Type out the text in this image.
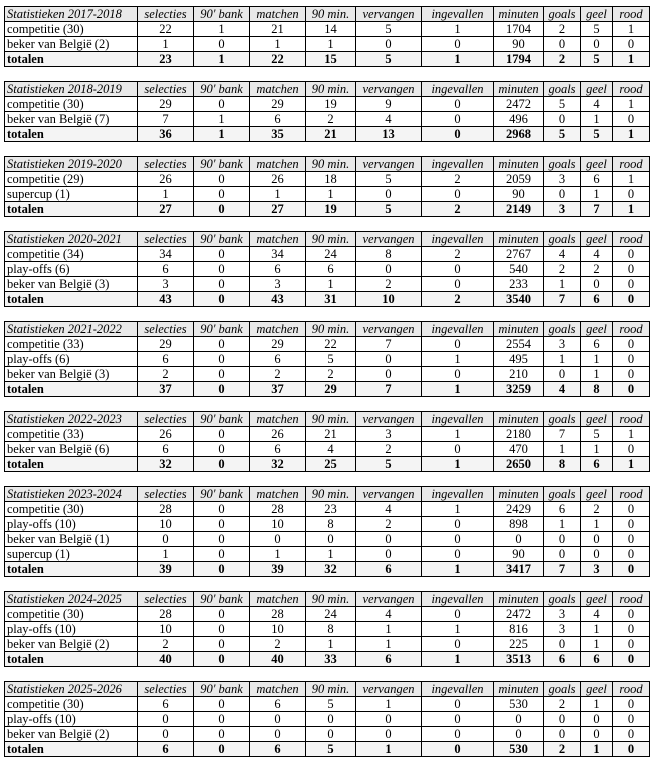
Statistieken 2017-2018	selecties	90' bank	matchen	90 min.	vervangen	ingevallen	minuten	goals	geel	rood
competitie (30)	22	1	21	14	5	1	1704	2	5	1
beker van België (2)	1	0	1	1	0	0	90	0	0	0
totalen	23	1	22	15	5	1	1794	2	5	1
Statistieken 2018-2019	selecties	90' bank	matchen	90 min.	vervangen	ingevallen	minuten	goals	geel	rood
competitie (30)	29	0	29	19	9	0	2472	5	4	1
beker van België (7)	7	1	6	2	4	0	496	0	1	0
totalen	36	1	35	21	13	0	2968	5	5	1
Statistieken 2019-2020	selecties	90' bank	matchen	90 min.	vervangen	ingevallen	minuten	goals	geel	rood
competitie (29)	26	0	26	18	5	2	2059	3	6	1
supercup (1)	1	0	1	1	0	0	90	0	1	0
totalen	27	0	27	19	5	2	2149	3	7	1
Statistieken 2020-2021	selecties	90' bank	matchen	90 min.	vervangen	ingevallen	minuten	goals	geel	rood
competitie (34)	34	0	34	24	8	2	2767	4	4	0
play-offs (6)	6	0	6	6	0	0	540	2	2	0
beker van België (3)	3	0	3	1	2	0	233	1	0	0
totalen	43	0	43	31	10	2	3540	7	6	0
Statistieken 2021-2022	selecties	90' bank	matchen	90 min.	vervangen	ingevallen	minuten	goals	geel	rood
competitie (33)	29	0	29	22	7	0	2554	3	6	0
play-offs (6)	6	0	6	5	0	1	495	1	1	0
beker van België (3)	2	0	2	2	0	0	210	0	1	0
totalen	37	0	37	29	7	1	3259	4	8	0
Statistieken 2022-2023	selecties	90' bank	matchen	90 min.	vervangen	ingevallen	minuten	goals	geel	rood
competitie (33)	26	0	26	21	3	1	2180	7	5	1
beker van België (6)	6	0	6	4	2	0	470	1	1	0
totalen	32	0	32	25	5	1	2650	8	6	1
Statistieken 2023-2024	selecties	90' bank	matchen	90 min.	vervangen	ingevallen	minuten	goals	geel	rood
competitie (30)	28	0	28	23	4	1	2429	6	2	0
play-offs (10)	10	0	10	8	2	0	898	1	1	0
beker van België (1)	0	0	0	0	0	0	0	0	0	0
supercup (1)	1	0	1	1	0	0	90	0	0	0
totalen	39	0	39	32	6	1	3417	7	3	0
Statistieken 2024-2025	selecties	90' bank	matchen	90 min.	vervangen	ingevallen	minuten	goals	geel	rood
competitie (30)	28	0	28	24	4	0	2472	3	4	0
play-offs (10)	10	0	10	8	1	1	816	3	1	0
beker van België (2)	2	0	2	1	1	0	225	0	1	0
totalen	40	0	40	33	6	1	3513	6	6	0
Statistieken 2025-2026	selecties	90' bank	matchen	90 min.	vervangen	ingevallen	minuten	goals	geel	rood
competitie (30)	6	0	6	5	1	0	530	2	1	0
play-offs (10)	0	0	0	0	0	0	0	0	0	0
beker van België (2)	0	0	0	0	0	0	0	0	0	0
totalen	6	0	6	5	1	0	530	2	1	0
